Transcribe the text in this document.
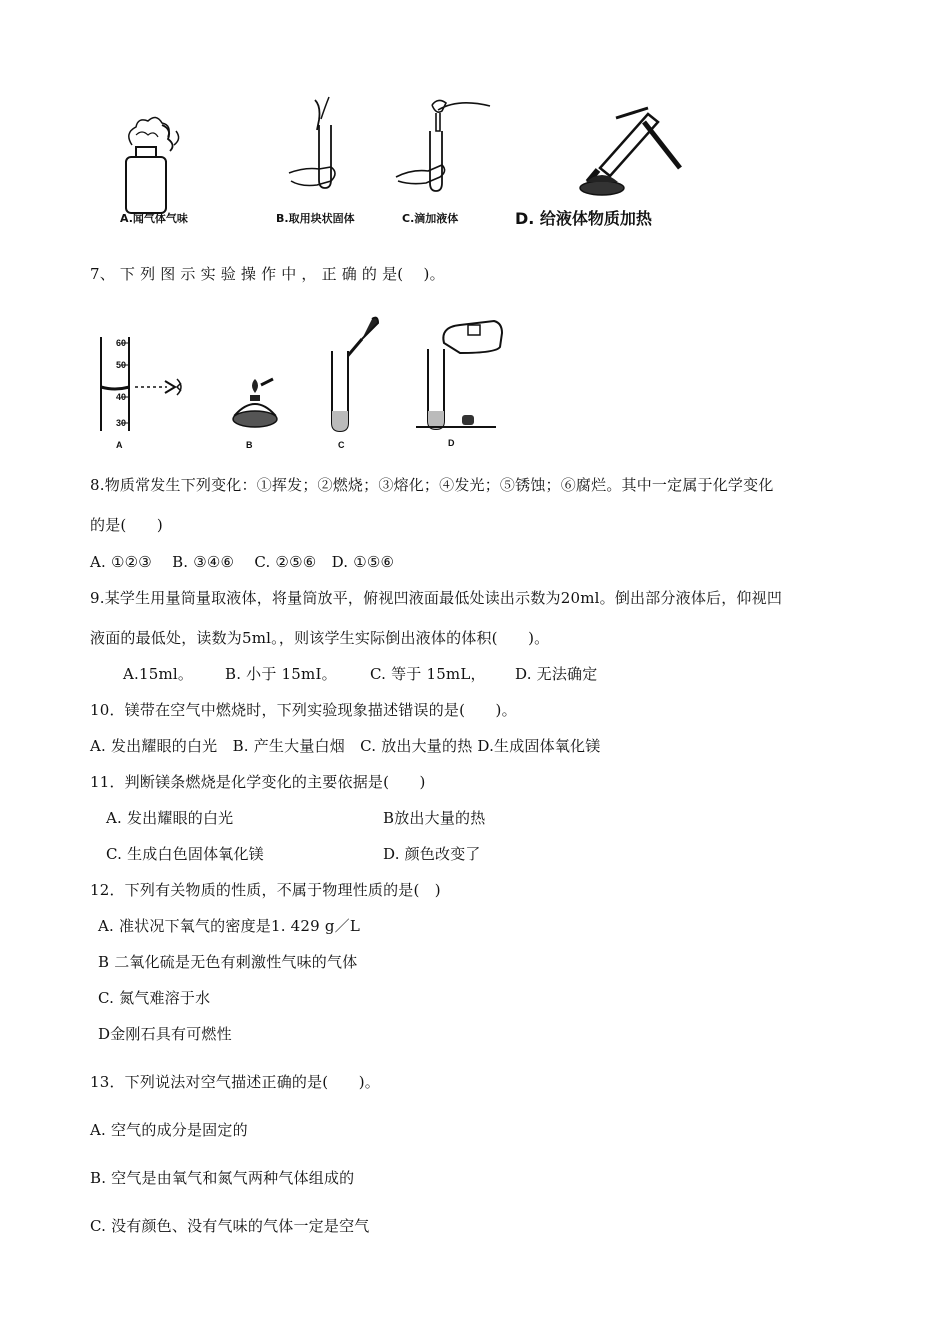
A.闻气体气味	B.取用块状固体	C.滴加液体	D. 给液体物质加热
7、 下 列 图 示 实 验 操 作 中 ， 正 确 的 是(　 )。
60
50
40
30
A	B	C	D
8.物质常发生下列变化：①挥发；②燃烧；③熔化；④发光；⑤锈蚀；⑥腐烂。其中一定属于化学变化
的是(　　)
A. ①②③　 B. ③④⑥　 C. ②⑤⑥　D. ①⑤⑥
9.某学生用量筒量取液体，将量筒放平，俯视凹液面最低处读出示数为20ml。倒出部分液体后，仰视凹
液面的最低处，读数为5ml。，则该学生实际倒出液体的体积(　　)。
A.15ml。 B. 小于 15mI。 C. 等于 15mL， D. 无法确定
10．镁带在空气中燃烧时，下列实验现象描述错误的是(　　)。
A. 发出耀眼的白光　B. 产生大量白烟　C. 放出大量的热 D.生成固体氧化镁
11．判断镁条燃烧是化学变化的主要依据是(　　)
A. 发出耀眼的白光	B放出大量的热
C. 生成白色固体氧化镁	D. 颜色改变了
12．下列有关物质的性质，不属于物理性质的是(　)
A. 准状况下氧气的密度是1. 429 g／L
B 二氧化硫是无色有刺激性气味的气体
C. 氮气难溶于水
D金刚石具有可燃性
13．下列说法对空气描述正确的是(　　)。
A. 空气的成分是固定的
B. 空气是由氧气和氮气两种气体组成的
C. 没有颜色、没有气味的气体一定是空气
